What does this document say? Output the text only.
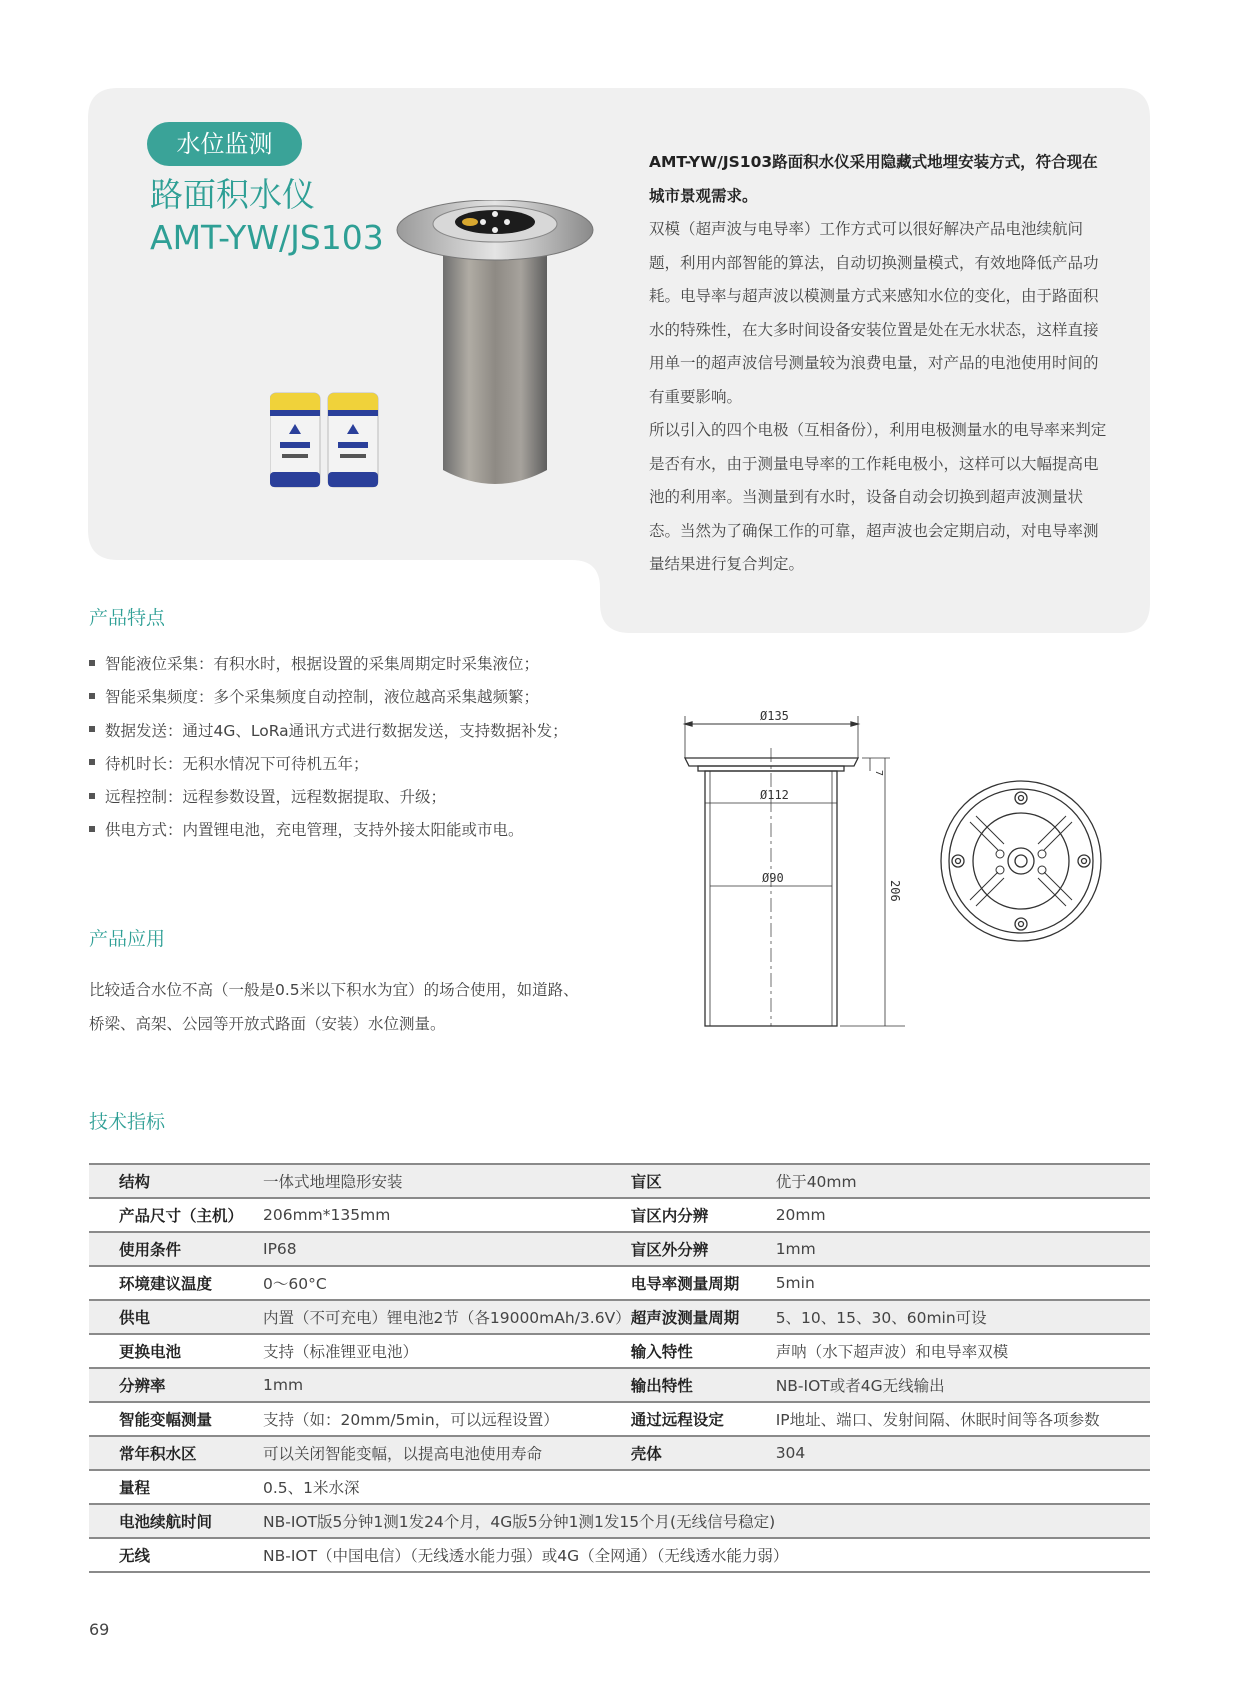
水位监测
路面积水仪
AMT-YW/JS103

AMT-YW/JS103路面积水仪采用隐藏式地埋安装方式，符合现在城市景观需求。

双模（超声波与电导率）工作方式可以很好解决产品电池续航问题，利用内部智能的算法，自动切换测量模式，有效地降低产品功耗。电导率与超声波以模测量方式来感知水位的变化，由于路面积水的特殊性，在大多时间设备安装位置是处在无水状态，这样直接用单一的超声波信号测量较为浪费电量，对产品的电池使用时间的有重要影响。

所以引入的四个电极（互相备份），利用电极测量水的电导率来判定是否有水，由于测量电导率的工作耗电极小，这样可以大幅提高电池的利用率。当测量到有水时，设备自动会切换到超声波测量状态。当然为了确保工作的可靠，超声波也会定期启动，对电导率测量结果进行复合判定。

产品特点
智能液位采集：有积水时，根据设置的采集周期定时采集液位；
智能采集频度：多个采集频度自动控制，液位越高采集越频繁；
数据发送：通过4G、LoRa通讯方式进行数据发送，支持数据补发；
待机时长：无积水情况下可待机五年；
远程控制：远程参数设置，远程数据提取、升级；
供电方式：内置锂电池，充电管理，支持外接太阳能或市电。
Ø135
Ø112
Ø90
7
206
产品应用
比较适合水位不高（一般是0.5米以下积水为宜）的场合使用，如道路、
桥梁、高架、公园等开放式路面（安装）水位测量。
技术指标
结构	一体式地埋隐形安装	盲区	优于40mm
产品尺寸（主机）	206mm*135mm	盲区内分辨	20mm
使用条件	IP68	盲区外分辨	1mm
环境建议温度	0～60°C	电导率测量周期	5min
供电	内置（不可充电）锂电池2节（各19000mAh/3.6V）	超声波测量周期	5、10、15、30、60min可设
更换电池	支持（标准锂亚电池）	输入特性	声呐（水下超声波）和电导率双模
分辨率	1mm	输出特性	NB-IOT或者4G无线输出
智能变幅测量	支持（如：20mm/5min，可以远程设置）	通过远程设定	IP地址、端口、发射间隔、休眠时间等各项参数
常年积水区	可以关闭智能变幅，以提高电池使用寿命	壳体	304
量程	0.5、1米水深		
电池续航时间	NB-IOT版5分钟1测1发24个月，4G版5分钟1测1发15个月(无线信号稳定)		
无线	NB-IOT（中国电信）（无线透水能力强）或4G（全网通）（无线透水能力弱）		
69
